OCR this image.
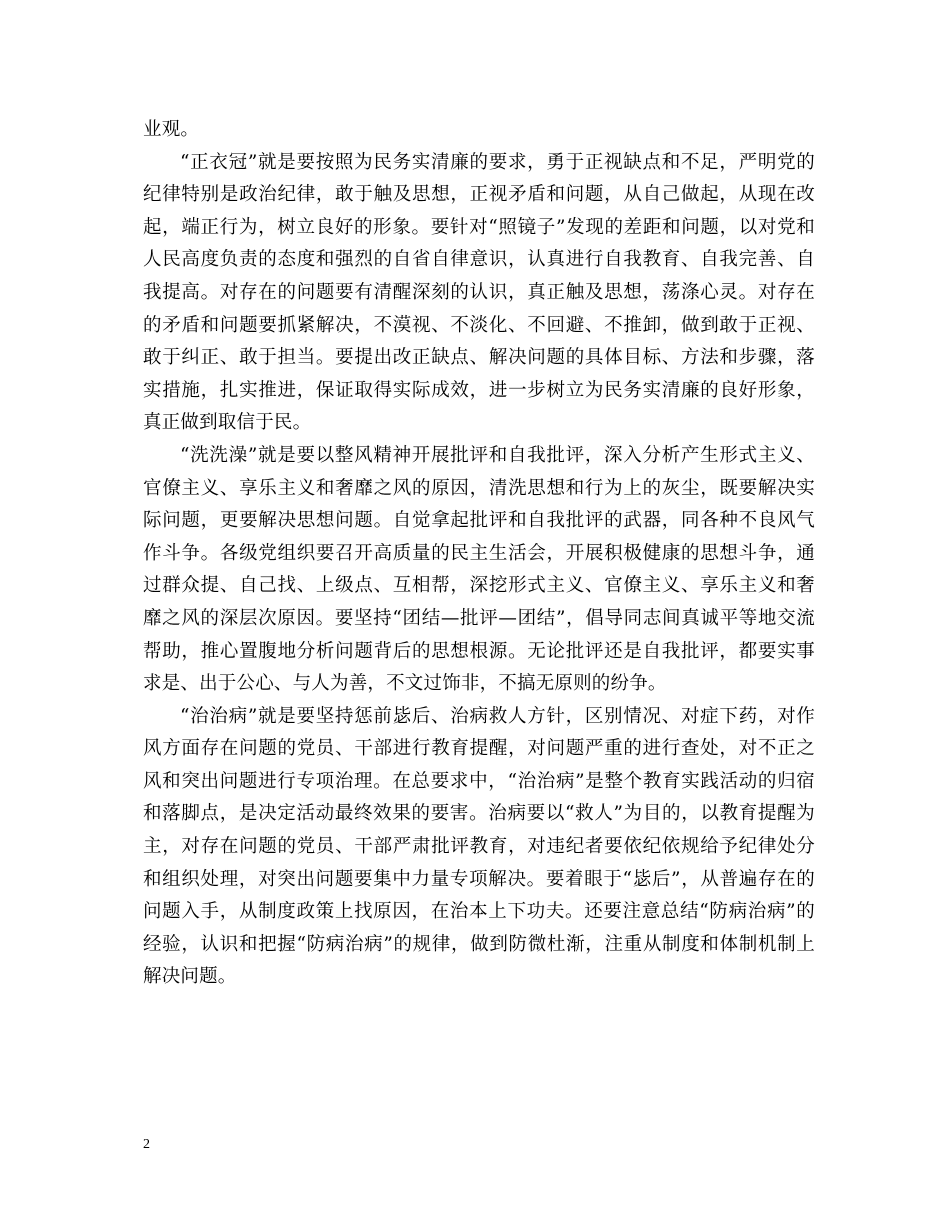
业观。

“正衣冠”就是要按照为民务实清廉的要求，勇于正视缺点和不足，严明党的纪律特别是政治纪律，敢于触及思想，正视矛盾和问题，从自己做起，从现在改起，端正行为，树立良好的形象。要针对“照镜子”发现的差距和问题，以对党和人民高度负责的态度和强烈的自省自律意识，认真进行自我教育、自我完善、自我提高。对存在的问题要有清醒深刻的认识，真正触及思想，荡涤心灵。对存在的矛盾和问题要抓紧解决，不漠视、不淡化、不回避、不推卸，做到敢于正视、敢于纠正、敢于担当。要提出改正缺点、解决问题的具体目标、方法和步骤，落实措施，扎实推进，保证取得实际成效，进一步树立为民务实清廉的良好形象，真正做到取信于民。

“洗洗澡”就是要以整风精神开展批评和自我批评，深入分析产生形式主义、官僚主义、享乐主义和奢靡之风的原因，清洗思想和行为上的灰尘，既要解决实际问题，更要解决思想问题。自觉拿起批评和自我批评的武器，同各种不良风气作斗争。各级党组织要召开高质量的民主生活会，开展积极健康的思想斗争，通过群众提、自己找、上级点、互相帮，深挖形式主义、官僚主义、享乐主义和奢靡之风的深层次原因。要坚持“团结—批评—团结”，倡导同志间真诚平等地交流帮助，推心置腹地分析问题背后的思想根源。无论批评还是自我批评，都要实事求是、出于公心、与人为善，不文过饰非，不搞无原则的纷争。

“治治病”就是要坚持惩前毖后、治病救人方针，区别情况、对症下药，对作风方面存在问题的党员、干部进行教育提醒，对问题严重的进行查处，对不正之风和突出问题进行专项治理。在总要求中，“治治病”是整个教育实践活动的归宿和落脚点，是决定活动最终效果的要害。治病要以“救人”为目的，以教育提醒为主，对存在问题的党员、干部严肃批评教育，对违纪者要依纪依规给予纪律处分和组织处理，对突出问题要集中力量专项解决。要着眼于“毖后”，从普遍存在的问题入手，从制度政策上找原因，在治本上下功夫。还要注意总结“防病治病”的经验，认识和把握“防病治病”的规律，做到防微杜渐，注重从制度和体制机制上解决问题。

2
